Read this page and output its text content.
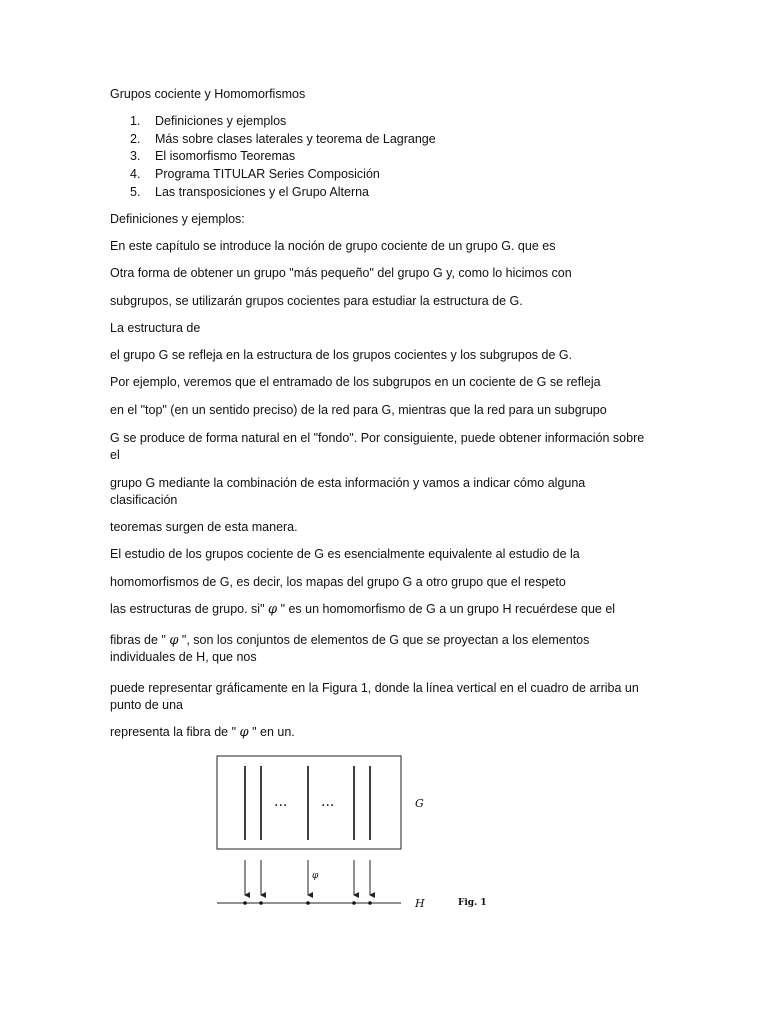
Grupos cociente y Homomorfismos

1.	Definiciones y ejemplos
2.	Más sobre clases laterales y teorema de Lagrange
3.	El isomorfismo Teoremas
4.	Programa TITULAR Series Composición
5.	Las transposiciones y el Grupo Alterna

Definiciones y ejemplos:

En este capítulo se introduce la noción de grupo cociente de un grupo G. que es

Otra forma de obtener un grupo "más pequeño" del grupo G y, como lo hicimos con

subgrupos, se utilizarán grupos cocientes para estudiar la estructura de G.

La estructura de

el grupo G se refleja en la estructura de los grupos cocientes y los subgrupos de G.

Por ejemplo, veremos que el entramado de los subgrupos en un cociente de G se refleja

en el "top" (en un sentido preciso) de la red para G, mientras que la red para un subgrupo

G se produce de forma natural en el "fondo". Por consiguiente, puede obtener información sobre el

grupo G mediante la combinación de esta información y vamos a indicar cómo alguna clasificación

teoremas surgen de esta manera.

El estudio de los grupos cociente de G es esencialmente equivalente al estudio de la

homomorfismos de G, es decir, los mapas del grupo G a otro grupo que el respeto

las estructuras de grupo. si" φ " es un homomorfismo de G a un grupo H recuérdese que el

fibras de " φ ", son los conjuntos de elementos de G que se proyectan a los elementos individuales de H, que nos

puede representar gráficamente en la Figura 1, donde la línea vertical en el cuadro de arriba un punto de una

representa la fibra de " φ " en un.

... ...	G
φ
H	Fig. 1
